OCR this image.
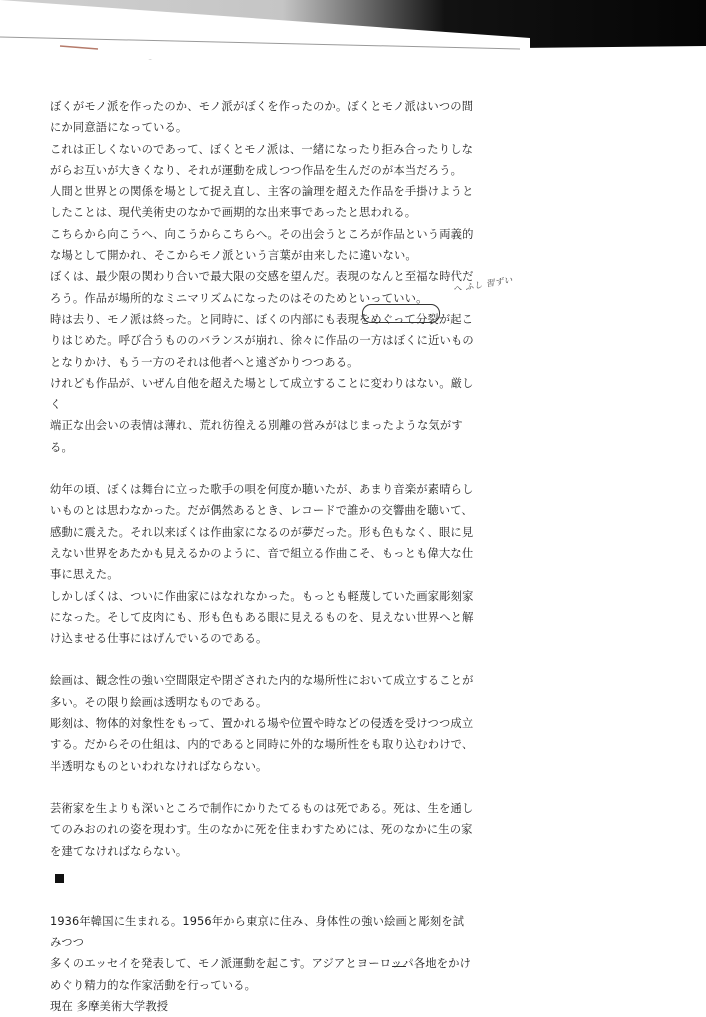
ぼくがモノ派を作ったのか、モノ派がぼくを作ったのか。ぼくとモノ派はいつの間
にか同意語になっている。
これは正しくないのであって、ぼくとモノ派は、一緒になったり拒み合ったりしな
がらお互いが大きくなり、それが運動を成しつつ作品を生んだのが本当だろう。
人間と世界との関係を場として捉え直し、主客の論理を超えた作品を手掛けようと
したことは、現代美術史のなかで画期的な出来事であったと思われる。
こちらから向こうへ、向こうからこちらへ。その出会うところが作品という両義的
な場として開かれ、そこからモノ派という言葉が由来したに違いない。
ぼくは、最少限の関わり合いで最大限の交感を望んだ。表現のなんと至福な時代だ
ろう。作品が場所的なミニマリズムになったのはそのためといっていい。
時は去り、モノ派は終った。と同時に、ぼくの内部にも表現をめぐって分裂が起こ
りはじめた。呼び合うもののバランスが崩れ、徐々に作品の一方はぼくに近いもの
となりかけ、もう一方のそれは他者へと遠ざかりつつある。
けれども作品が、いぜん自他を超えた場として成立することに変わりはない。厳しく
端正な出会いの表情は薄れ、荒れ彷徨える別離の営みがはじまったような気がする。

幼年の頃、ぼくは舞台に立った歌手の唄を何度か聴いたが、あまり音楽が素晴らし
いものとは思わなかった。だが偶然あるとき、レコードで誰かの交響曲を聴いて、
感動に震えた。それ以来ぼくは作曲家になるのが夢だった。形も色もなく、眼に見
えない世界をあたかも見えるかのように、音で組立る作曲こそ、もっとも偉大な仕
事に思えた。
しかしぼくは、ついに作曲家にはなれなかった。もっとも軽蔑していた画家彫刻家
になった。そして皮肉にも、形も色もある眼に見えるものを、見えない世界へと解
け込ませる仕事にはげんでいるのである。

絵画は、観念性の強い空間限定や閉ざされた内的な場所性において成立することが
多い。その限り絵画は透明なものである。
彫刻は、物体的対象性をもって、置かれる場や位置や時などの侵透を受けつつ成立
する。だからその仕組は、内的であると同時に外的な場所性をも取り込むわけで、
半透明なものといわれなければならない。

芸術家を生よりも深いところで制作にかりたてるものは死である。死は、生を通し
てのみおのれの姿を現わす。生のなかに死を住まわすためには、死のなかに生の家
を建てなければならない。

1936年韓国に生まれる。1956年から東京に住み、身体性の強い絵画と彫刻を試みつつ
多くのエッセイを発表して、モノ派運動を起こす。アジアとヨーロッパ各地をかけ
めぐり精力的な作家活動を行っている。

現在 多摩美術大学教授

へ ふし 習ずい
